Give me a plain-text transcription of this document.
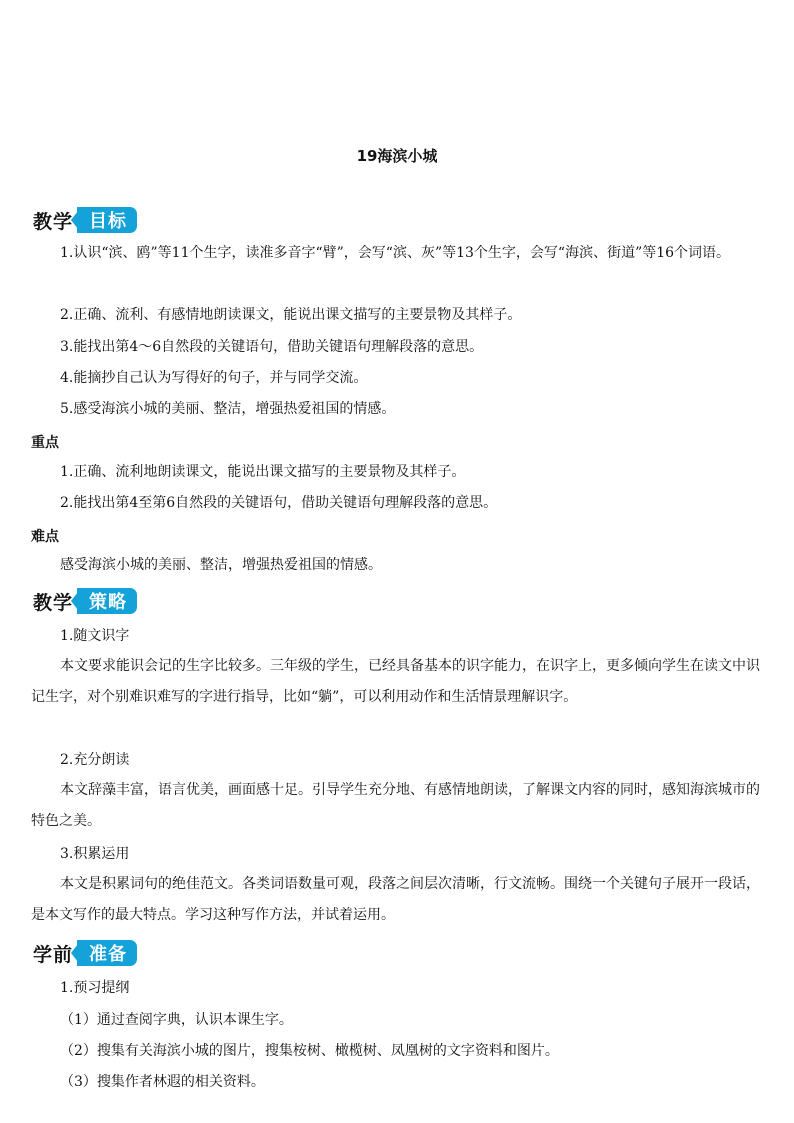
19海滨小城
教学 目标
1.认识“滨、鸥”等11个生字，读准多音字“臂”，会写“滨、灰”等13个生字，会写“海滨、街道”等16个词语。
2.正确、流利、有感情地朗读课文，能说出课文描写的主要景物及其样子。
3.能找出第4～6自然段的关键语句，借助关键语句理解段落的意思。
4.能摘抄自己认为写得好的句子，并与同学交流。
5.感受海滨小城的美丽、整洁，增强热爱祖国的情感。
重点
1.正确、流利地朗读课文，能说出课文描写的主要景物及其样子。
2.能找出第4至第6自然段的关键语句，借助关键语句理解段落的意思。
难点
感受海滨小城的美丽、整洁，增强热爱祖国的情感。
教学 策略
1.随文识字
本文要求能识会记的生字比较多。三年级的学生，已经具备基本的识字能力，在识字上，更多倾向学生在读文中识记生字，对个别难识难写的字进行指导，比如“躺”，可以利用动作和生活情景理解识字。
2.充分朗读
本文辞藻丰富，语言优美，画面感十足。引导学生充分地、有感情地朗读，了解课文内容的同时，感知海滨城市的特色之美。
3.积累运用
本文是积累词句的绝佳范文。各类词语数量可观，段落之间层次清晰，行文流畅。围绕一个关键句子展开一段话，是本文写作的最大特点。学习这种写作方法，并试着运用。
学前 准备
1.预习提纲
（1）通过查阅字典，认识本课生字。
（2）搜集有关海滨小城的图片，搜集桉树、橄榄树、凤凰树的文字资料和图片。
（3）搜集作者林遐的相关资料。
